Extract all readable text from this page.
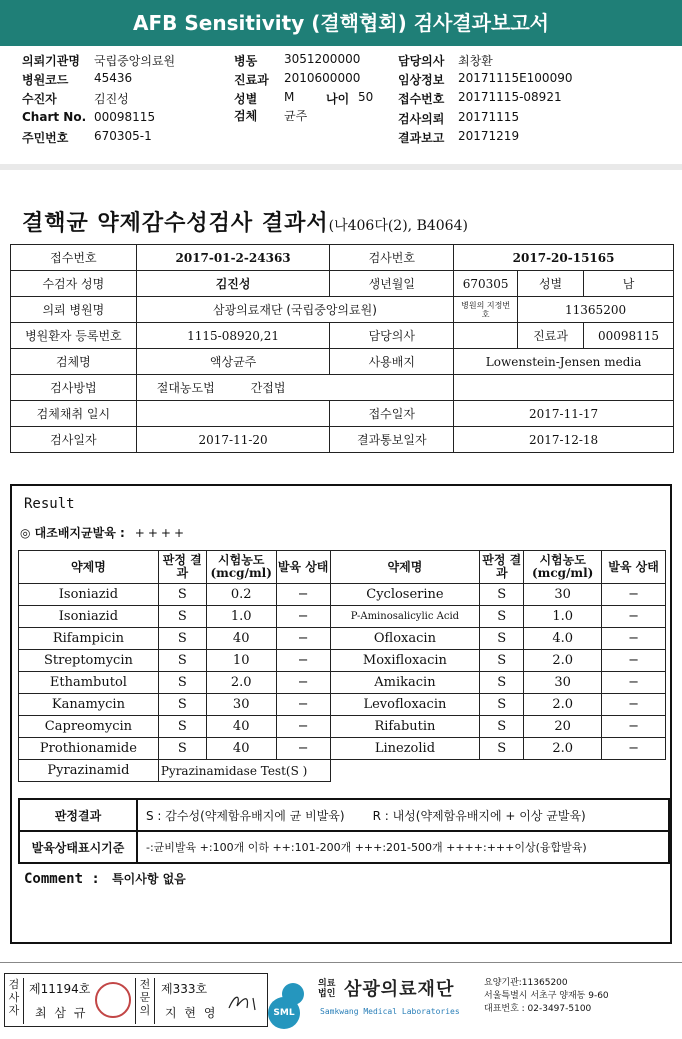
AFB Sensitivity (결핵협회) 검사결과보고서
의뢰기관명 국립중앙의료원	병동 3051200000	담당의사 최창환
병원코드 45436	진료과 2010600000	임상정보 20171115E100090
수진자	김진성	성별 M	나이 50 접수번호 20171115-08921
Chart No. 00098115	검체 균주	검사의뢰 20171115
주민번호 670305-1	결과보고 20171219
결핵균 약제감수성검사 결과서(나406다(2), B4064)
접수번호	2017-01-2-24363	검사번호	2017-20-15165		
수검자 성명	김진성	생년월일	670305	성별	남
의뢰 병원명	삼광의료재단 (국립중앙의료원)		병원의 지정번호	11365200	
병원환자 등록번호	1115-08920,21	담당의사		진료과	00098115
검체명	액상균주	사용배지	Lowenstein-Jensen media		
검사방법	절대농도법 간접법				
검체채취 일시		접수일자	2017-11-17		
검사일자	2017-11-20	결과통보일자	2017-12-18		
Result
◎ 대조배지균발육 : ++++
약제명	판정 결과	시험농도 (mcg/ml)	발육 상태	약제명	판정 결과	시험농도 (mcg/ml)	발육 상태
Isoniazid	S	0.2	−	Cycloserine	S	30	−
Isoniazid	S	1.0	−	P-Aminosalicylic Acid	S	1.0	−
Rifampicin	S	40	−	Ofloxacin	S	4.0	−
Streptomycin	S	10	−	Moxifloxacin	S	2.0	−
Ethambutol	S	2.0	−	Amikacin	S	30	−
Kanamycin	S	30	−	Levofloxacin	S	2.0	−
Capreomycin	S	40	−	Rifabutin	S	20	−
Prothionamide	S	40	−	Linezolid	S	2.0	−
Pyrazinamid	Pyrazinamidase Test(S )						
판정결과	S : 감수성(약제함유배지에 균 비발육) R : 내성(약제함유배지에 + 이상 균발육)
발육상태표시기준	-:균비발육 +:100개 이하 ++:101-200개 +++:201-500개 ++++:+++이상(융합발육)
Comment : 특이사항 없음
검사자
제11194호
최 삼 규
전문의
제333호
지 현 영	SML
의료 법인 삼광의료재단
Samkwang Medical Laboratories
요양기관:11365200
서울특별시 서초구 양재동 9-60
대표번호 : 02-3497-5100
